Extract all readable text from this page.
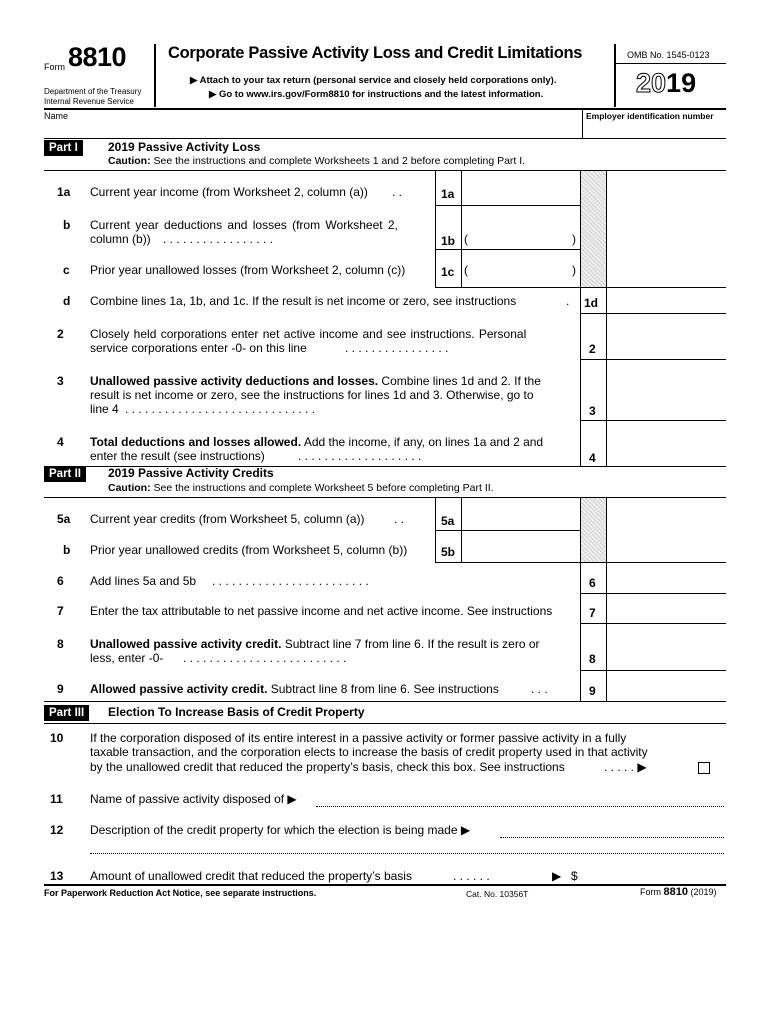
Form 8810
Department of the Treasury
Internal Revenue Service
Corporate Passive Activity Loss and Credit Limitations
▶ Attach to your tax return (personal service and closely held corporations only).
▶ Go to www.irs.gov/Form8810 for instructions and the latest information.
OMB No. 1545-0123
2019
Name	Employer identification number
Part I	2019 Passive Activity Loss
Caution: See the instructions and complete Worksheets 1 and 2 before completing Part I.
1a Current year income (from Worksheet 2, column (a)) . .	1a
b Current year deductions and losses (from Worksheet 2,
column (b)) . . . . . . . . . . . . . . . . .	1b (	)
c Prior year unallowed losses (from Worksheet 2, column (c))	1c (	)
d Combine lines 1a, 1b, and 1c. If the result is net income or zero, see instructions	. 1d
2 Closely held corporations enter net active income and see instructions. Personal
service corporations enter -0- on this line	. . . . . . . . . . . . . . . .	2
3 Unallowed passive activity deductions and losses. Combine lines 1d and 2. If the
result is net income or zero, see the instructions for lines 1d and 3. Otherwise, go to
line 4 . . . . . . . . . . . . . . . . . . . . . . . . . . . . .	3
4 Total deductions and losses allowed. Add the income, if any, on lines 1a and 2 and
enter the result (see instructions)	. . . . . . . . . . . . . . . . . . .	4
Part II	2019 Passive Activity Credits
Caution: See the instructions and complete Worksheet 5 before completing Part II.
5a Current year credits (from Worksheet 5, column (a)) . .	5a
b Prior year unallowed credits (from Worksheet 5, column (b))	5b
6 Add lines 5a and 5b . . . . . . . . . . . . . . . . . . . . . . . .	6
7 Enter the tax attributable to net passive income and net active income. See instructions	7
8 Unallowed passive activity credit. Subtract line 7 from line 6. If the result is zero or
less, enter -0- . . . . . . . . . . . . . . . . . . . . . . . . .	8
9 Allowed passive activity credit. Subtract line 8 from line 6. See instructions	. . .	9
Part III	Election To Increase Basis of Credit Property
10 If the corporation disposed of its entire interest in a passive activity or former passive activity in a fully
taxable transaction, and the corporation elects to increase the basis of credit property used in that activity
by the unallowed credit that reduced the property’s basis, check this box. See instructions	. . . . . ▶
11 Name of passive activity disposed of ▶
12 Description of the credit property for which the election is being made ▶
13 Amount of unallowed credit that reduced the property’s basis	. . . . . .	▶ $
For Paperwork Reduction Act Notice, see separate instructions.	Cat. No. 10356T	Form 8810 (2019)
